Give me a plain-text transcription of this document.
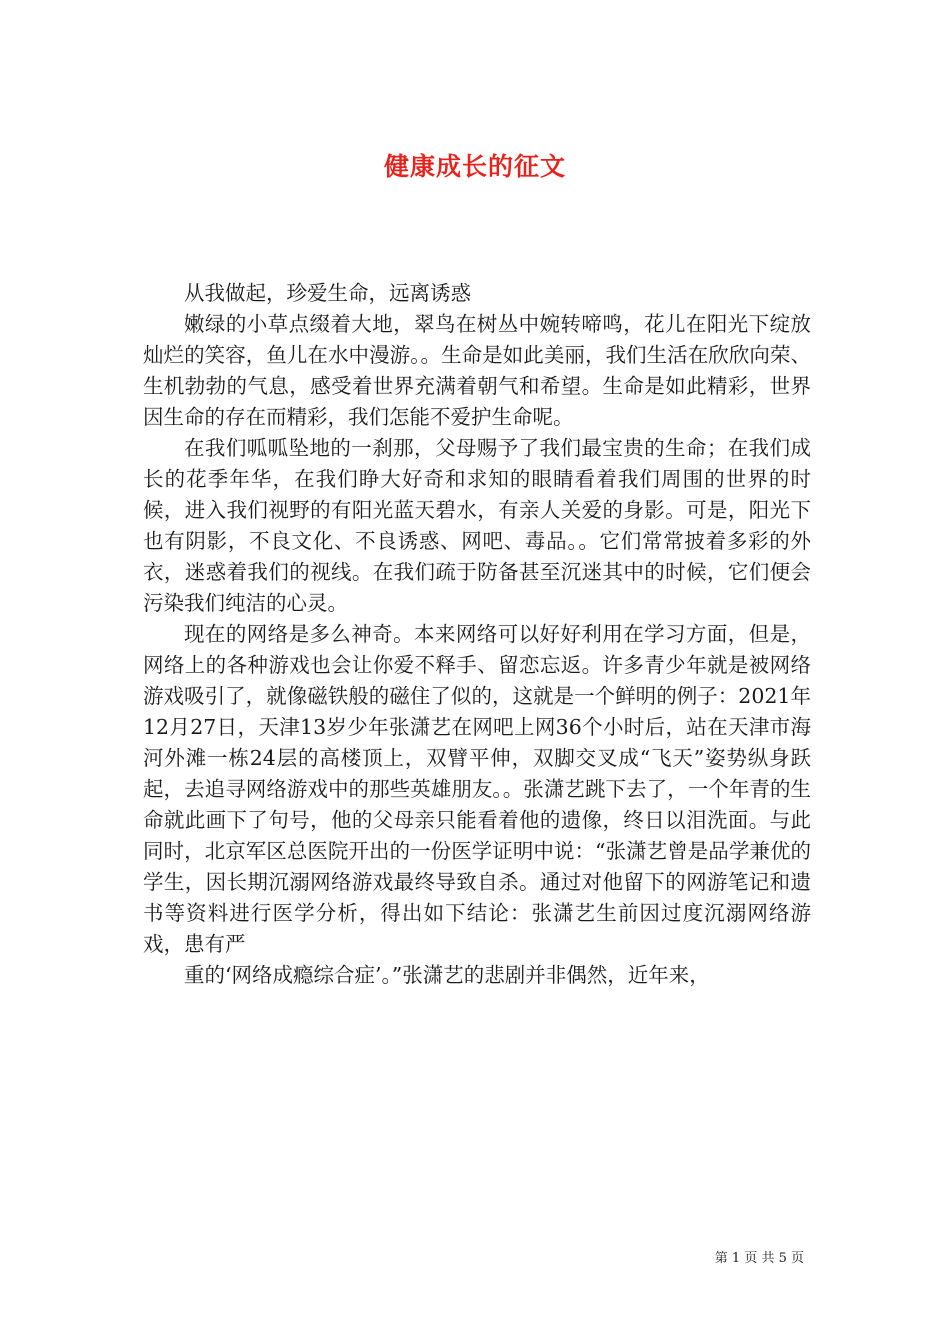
健康成长的征文

从我做起，珍爱生命，远离诱惑

嫩绿的小草点缀着大地，翠鸟在树丛中婉转啼鸣，花儿在阳光下绽放灿烂的笑容，鱼儿在水中漫游。。生命是如此美丽，我们生活在欣欣向荣、生机勃勃的气息，感受着世界充满着朝气和希望。生命是如此精彩，世界因生命的存在而精彩，我们怎能不爱护生命呢。

在我们呱呱坠地的一刹那，父母赐予了我们最宝贵的生命；在我们成长的花季年华，在我们睁大好奇和求知的眼睛看着我们周围的世界的时候，进入我们视野的有阳光蓝天碧水，有亲人关爱的身影。可是，阳光下也有阴影，不良文化、不良诱惑、网吧、毒品。。它们常常披着多彩的外衣，迷惑着我们的视线。在我们疏于防备甚至沉迷其中的时候，它们便会污染我们纯洁的心灵。

现在的网络是多么神奇。本来网络可以好好利用在学习方面，但是，网络上的各种游戏也会让你爱不释手、留恋忘返。许多青少年就是被网络游戏吸引了，就像磁铁般的磁住了似的，这就是一个鲜明的例子：2021年12月27日，天津13岁少年张潇艺在网吧上网36个小时后，站在天津市海河外滩一栋24层的高楼顶上，双臂平伸，双脚交叉成“飞天”姿势纵身跃起，去追寻网络游戏中的那些英雄朋友。。张潇艺跳下去了，一个年青的生命就此画下了句号，他的父母亲只能看着他的遗像，终日以泪洗面。与此同时，北京军区总医院开出的一份医学证明中说：“张潇艺曾是品学兼优的学生，因长期沉溺网络游戏最终导致自杀。通过对他留下的网游笔记和遗书等资料进行医学分析，得出如下结论：张潇艺生前因过度沉溺网络游戏，患有严

重的‘网络成瘾综合症’。”张潇艺的悲剧并非偶然，近年来，

第 1 页 共 5 页
